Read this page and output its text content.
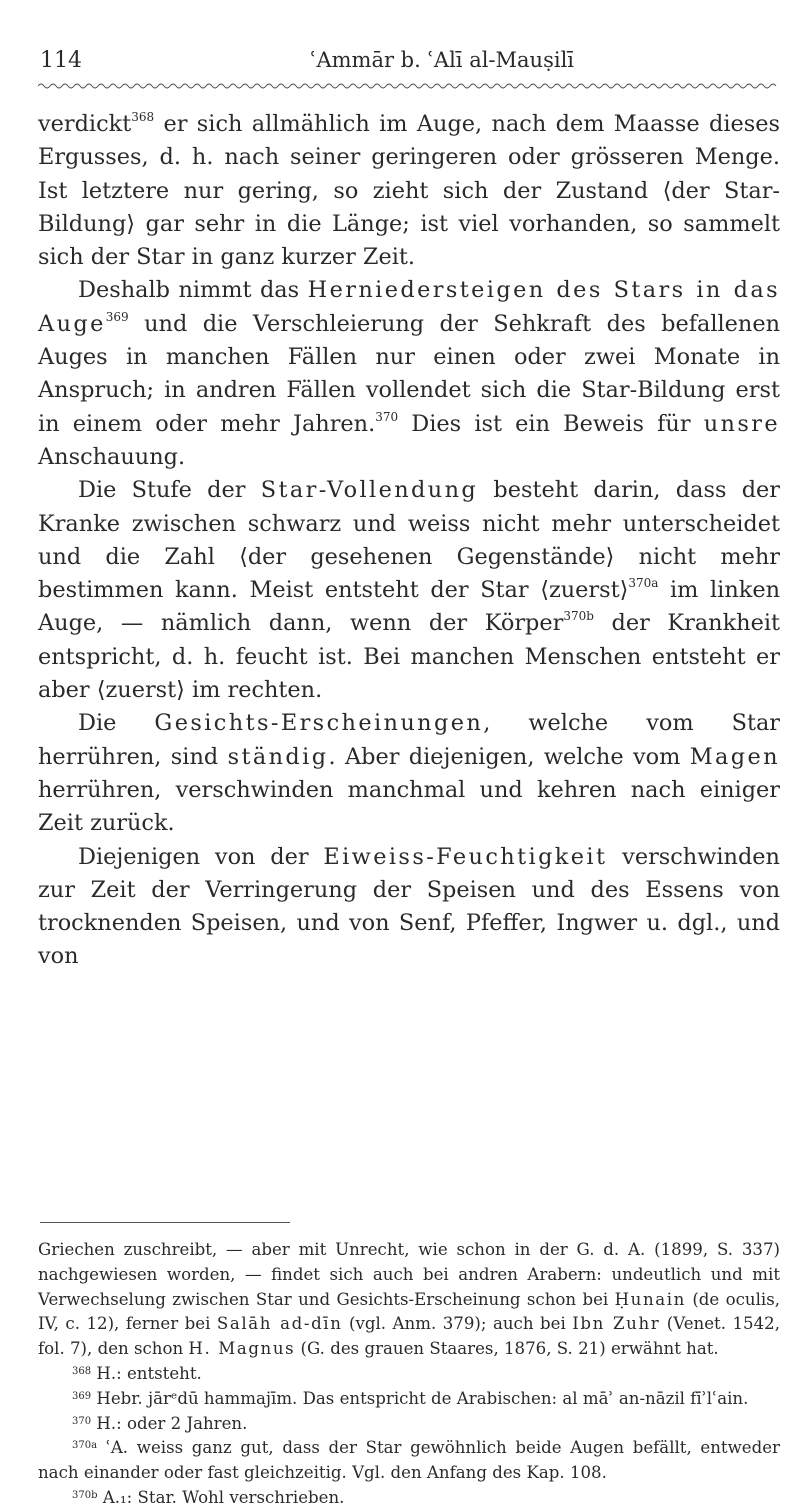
114	ʿAmmār b. ʿAlī al-Mauṣilī

verdickt$^{368}$ er sich allmählich im Auge, nach dem Maasse dieses Ergusses, d. h. nach seiner geringeren oder grösseren Menge. Ist letztere nur gering, so zieht sich der Zustand ⟨der Star-Bildung⟩ gar sehr in die Länge; ist viel vorhanden, so sammelt sich der Star in ganz kurzer Zeit.

Deshalb nimmt das Herniedersteigen des Stars in das Auge$^{369}$ und die Verschleierung der Sehkraft des befallenen Auges in manchen Fällen nur einen oder zwei Monate in Anspruch; in andren Fällen vollendet sich die Star-Bildung erst in einem oder mehr Jahren.$^{370}$ Dies ist ein Beweis für unsre Anschauung.

Die Stufe der Star-Vollendung besteht darin, dass der Kranke zwischen schwarz und weiss nicht mehr unterscheidet und die Zahl ⟨der gesehenen Gegenstände⟩ nicht mehr bestimmen kann. Meist entsteht der Star ⟨zuerst⟩$^{370a}$ im linken Auge, — nämlich dann, wenn der Körper$^{370b}$ der Krankheit entspricht, d. h. feucht ist. Bei manchen Menschen entsteht er aber ⟨zuerst⟩ im rechten.

Die Gesichts-Erscheinungen, welche vom Star herrühren, sind ständig. Aber diejenigen, welche vom Magen herrühren, verschwinden manchmal und kehren nach einiger Zeit zurück.

Diejenigen von der Eiweiss-Feuchtigkeit verschwinden zur Zeit der Verringerung der Speisen und des Essens von trocknenden Speisen, und von Senf, Pfeffer, Ingwer u. dgl., und von

Griechen zuschreibt, — aber mit Unrecht, wie schon in der G. d. A. (1899, S. 337) nachgewiesen worden, — findet sich auch bei andren Arabern: undeutlich und mit Verwechselung zwischen Star und Gesichts-Erscheinung schon bei Ḥunain (de oculis, IV, c. 12), ferner bei Salāh ad-dīn (vgl. Anm. 379); auch bei Ibn Zuhr (Venet. 1542, fol. 7), den schon H. Magnus (G. des grauen Staares, 1876, S. 21) erwähnt hat.

$^{368}$ H.: entsteht.

$^{369}$ Hebr. jārᵉdū hammajīm. Das entspricht de Arabischen: al māʾ an-nāzil fīʾlʿain.

$^{370}$ H.: oder 2 Jahren.

$^{370a}$ ʿA. weiss ganz gut, dass der Star gewöhnlich beide Augen befällt, entweder nach einander oder fast gleichzeitig. Vgl. den Anfang des Kap. 108.

$^{370b}$ A.₁: Star. Wohl verschrieben.
